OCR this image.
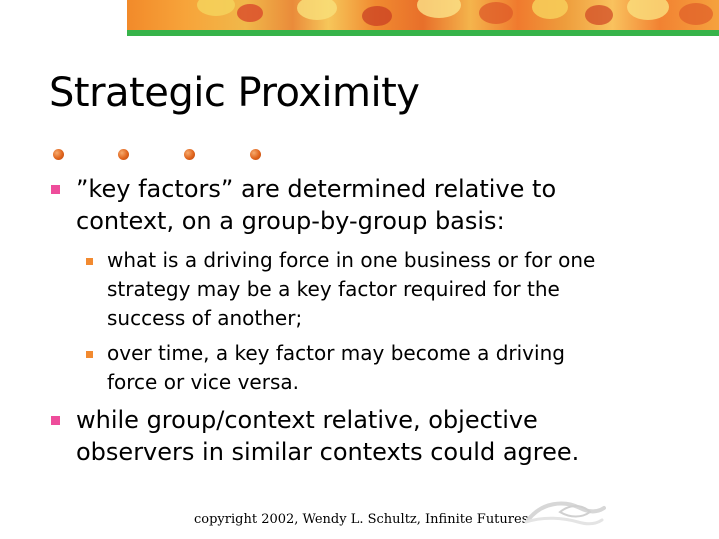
Strategic Proximity
”key factors” are determined relative to
context, on a group-by-group basis:
what is a driving force in one business or for one
strategy may be a key factor required for the
success of another;
over time, a key factor may become a driving
force or vice versa.
while group/context relative, objective
observers in similar contexts could agree.
copyright 2002, Wendy L. Schultz, Infinite Futures
